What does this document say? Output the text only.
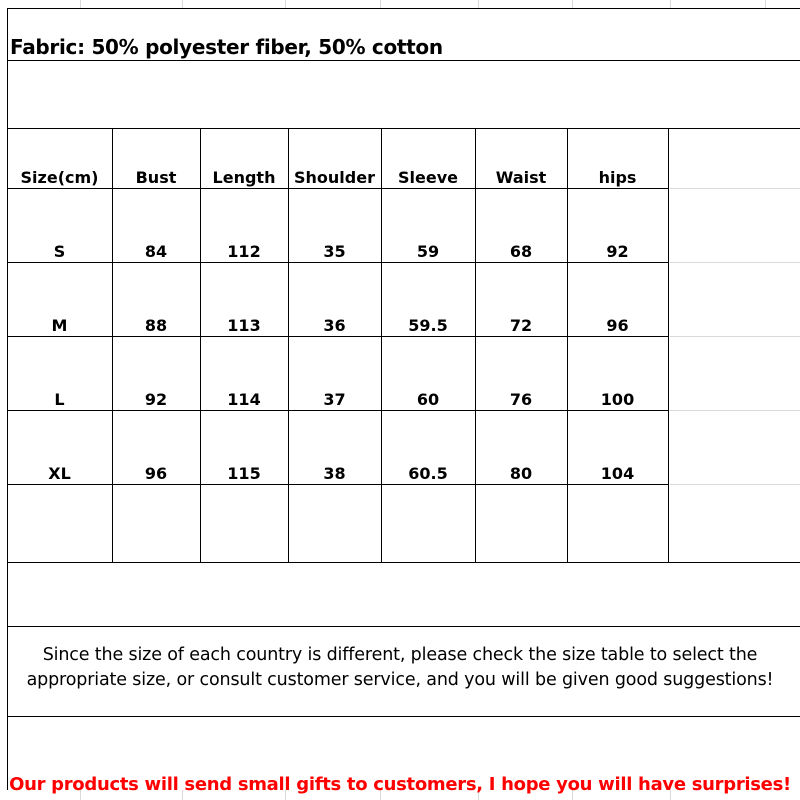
Fabric: 50% polyester fiber, 50% cotton
Size(cm)	Bust	Length	Shoulder	Sleeve	Waist	hips
S	84	112	35	59	68	92
M	88	113	36	59.5	72	96
L	92	114	37	60	76	100
XL	96	115	38	60.5	80	104
Since the size of each country is different, please check the size table to select the appropriate size, or consult customer service, and you will be given good suggestions!
Our products will send small gifts to customers, I hope you will have surprises!
